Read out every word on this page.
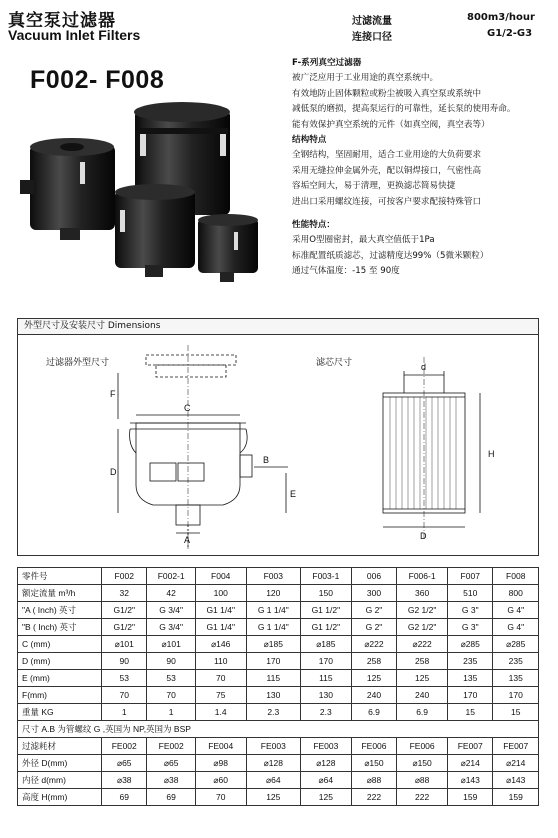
真空泵过滤器
Vacuum Inlet Filters
过滤流量	800m3/hour
连接口径	G1/2-G3
F002- F008
F-系列真空过滤器
被广泛应用于工业用途的真空系统中。
有效地防止固体颗粒或粉尘被吸入真空泵或系统中
减低泵的磨损，提高泵运行的可靠性，延长泵的使用寿命。
能有效保护真空系统的元件（如真空阀，真空表等）
结构特点
全钢结构，坚固耐用，适合工业用途的大负荷要求
采用无缝拉伸金属外壳，配以铜焊接口，气密性高
容垢空间大，易于清理，更换滤芯简易快捷
进出口采用螺纹连接，可按客户要求配接特殊管口
性能特点：
采用O型圈密封，最大真空值低于1Pa
标准配置纸质滤芯，过滤精度达99%（5微米颗粒）
通过气体温度：-15 至 90度
外型尺寸及安装尺寸 Dimensions
过滤器外型尺寸	滤芯尺寸
F
C
B
D
E
A
d
H
D
零件号	F002	F002-1	F004	F003	F003-1	006	F006-1	F007	F008
额定流量 m³/h	32	42	100	120	150	300	360	510	800
"A ( Inch) 英寸	G1/2"	G 3/4"	G1 1/4"	G 1 1/4"	G1 1/2"	G 2"	G2 1/2"	G 3"	G 4"
"B ( Inch) 英寸	G1/2"	G 3/4"	G1 1/4"	G 1 1/4"	G1 1/2"	G 2"	G2 1/2"	G 3"	G 4"
C (mm)	⌀101	⌀101	⌀146	⌀185	⌀185	⌀222	⌀222	⌀285	⌀285
D (mm)	90	90	110	170	170	258	258	235	235
E (mm)	53	53	70	115	115	125	125	135	135
F(mm)	70	70	75	130	130	240	240	170	170
重量 KG	1	1	1.4	2.3	2.3	6.9	6.9	15	15
尺寸 A.B 为管螺纹 G ,英国为 NP,英国为 BSP									
过滤耗材	FE002	FE002	FE004	FE003	FE003	FE006	FE006	FE007	FE007
外径 D(mm)	⌀65	⌀65	⌀98	⌀128	⌀128	⌀150	⌀150	⌀214	⌀214
内径 d(mm)	⌀38	⌀38	⌀60	⌀64	⌀64	⌀88	⌀88	⌀143	⌀143
高度 H(mm)	69	69	70	125	125	222	222	159	159
